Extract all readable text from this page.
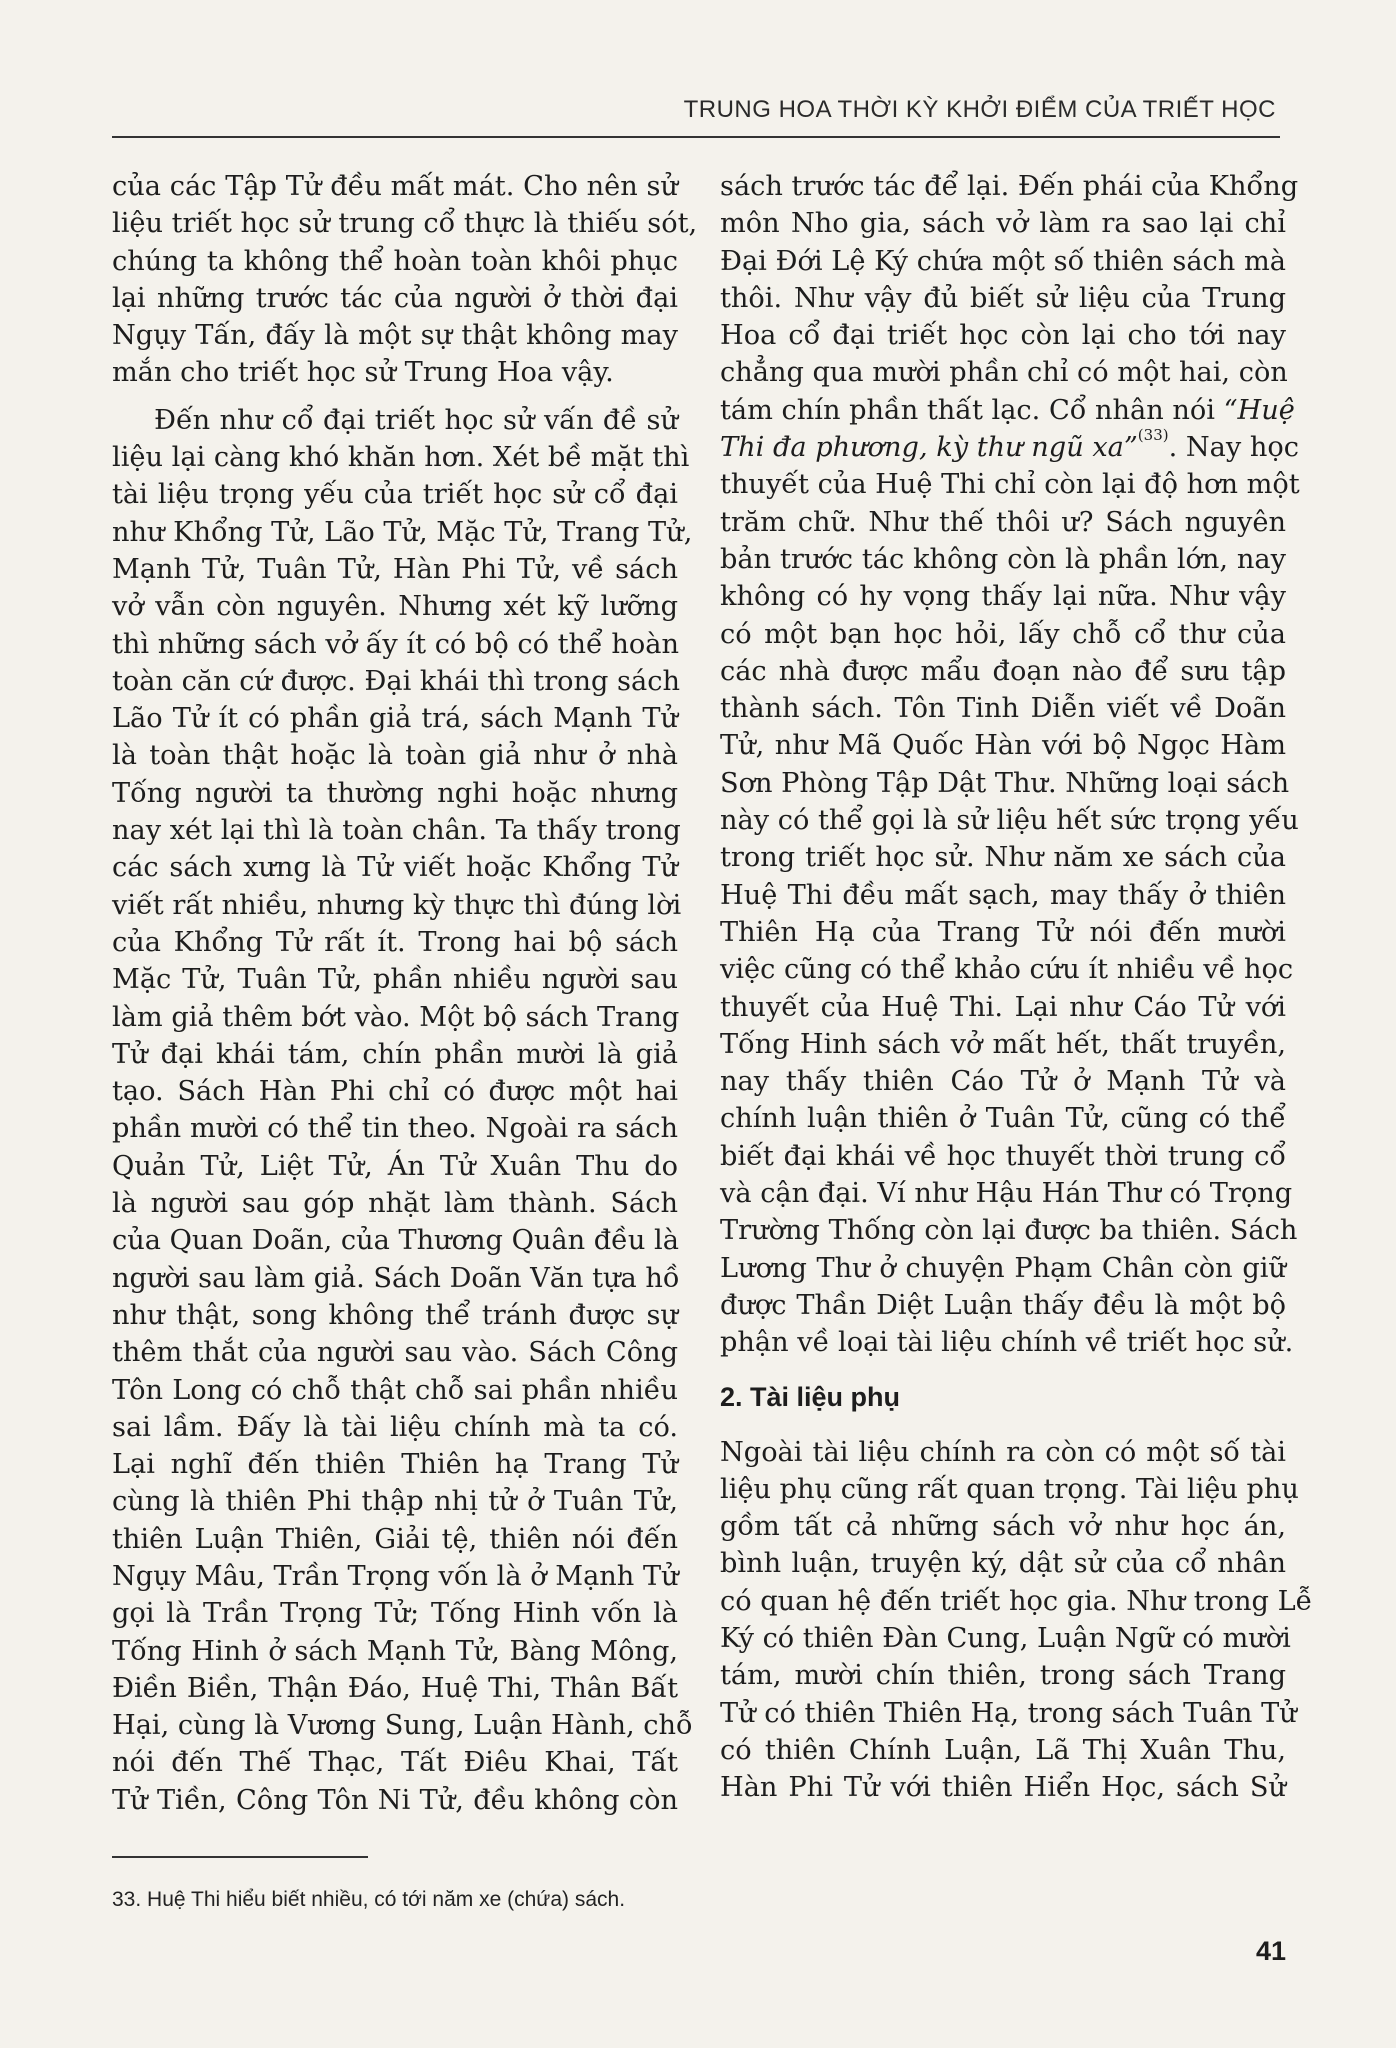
TRUNG HOA THỜI KỲ KHỞI ĐIỂM CỦA TRIẾT HỌC
của các Tập Tử đều mất mát. Cho nên sử
liệu triết học sử trung cổ thực là thiếu sót,
chúng ta không thể hoàn toàn khôi phục
lại những trước tác của người ở thời đại
Ngụy Tấn, đấy là một sự thật không may
mắn cho triết học sử Trung Hoa vậy.
Đến như cổ đại triết học sử vấn đề sử
liệu lại càng khó khăn hơn. Xét bề mặt thì
tài liệu trọng yếu của triết học sử cổ đại
như Khổng Tử, Lão Tử, Mặc Tử, Trang Tử,
Mạnh Tử, Tuân Tử, Hàn Phi Tử, về sách
vở vẫn còn nguyên. Nhưng xét kỹ lưỡng
thì những sách vở ấy ít có bộ có thể hoàn
toàn căn cứ được. Đại khái thì trong sách
Lão Tử ít có phần giả trá, sách Mạnh Tử
là toàn thật hoặc là toàn giả như ở nhà
Tống người ta thường nghi hoặc nhưng
nay xét lại thì là toàn chân. Ta thấy trong
các sách xưng là Tử viết hoặc Khổng Tử
viết rất nhiều, nhưng kỳ thực thì đúng lời
của Khổng Tử rất ít. Trong hai bộ sách
Mặc Tử, Tuân Tử, phần nhiều người sau
làm giả thêm bớt vào. Một bộ sách Trang
Tử đại khái tám, chín phần mười là giả
tạo. Sách Hàn Phi chỉ có được một hai
phần mười có thể tin theo. Ngoài ra sách
Quản Tử, Liệt Tử, Án Tử Xuân Thu do
là người sau góp nhặt làm thành. Sách
của Quan Doãn, của Thương Quân đều là
người sau làm giả. Sách Doãn Văn tựa hồ
như thật, song không thể tránh được sự
thêm thắt của người sau vào. Sách Công
Tôn Long có chỗ thật chỗ sai phần nhiều
sai lầm. Đấy là tài liệu chính mà ta có.
Lại nghĩ đến thiên Thiên hạ Trang Tử
cùng là thiên Phi thập nhị tử ở Tuân Tử,
thiên Luận Thiên, Giải tệ, thiên nói đến
Ngụy Mâu, Trần Trọng vốn là ở Mạnh Tử
gọi là Trần Trọng Tử; Tống Hinh vốn là
Tống Hinh ở sách Mạnh Tử, Bàng Mông,
Điền Biền, Thận Đáo, Huệ Thi, Thân Bất
Hại, cùng là Vương Sung, Luận Hành, chỗ
nói đến Thế Thạc, Tất Điêu Khai, Tất
Tử Tiền, Công Tôn Ni Tử, đều không còn
sách trước tác để lại. Đến phái của Khổng
môn Nho gia, sách vở làm ra sao lại chỉ
Đại Đới Lệ Ký chứa một số thiên sách mà
thôi. Như vậy đủ biết sử liệu của Trung
Hoa cổ đại triết học còn lại cho tới nay
chẳng qua mười phần chỉ có một hai, còn
tám chín phần thất lạc. Cổ nhân nói “Huệ
Thi đa phương, kỳ thư ngũ xa”$^{(33)}$. Nay học
thuyết của Huệ Thi chỉ còn lại độ hơn một
trăm chữ. Như thế thôi ư? Sách nguyên
bản trước tác không còn là phần lớn, nay
không có hy vọng thấy lại nữa. Như vậy
có một bạn học hỏi, lấy chỗ cổ thư của
các nhà được mẩu đoạn nào để sưu tập
thành sách. Tôn Tinh Diễn viết về Doãn
Tử, như Mã Quốc Hàn với bộ Ngọc Hàm
Sơn Phòng Tập Dật Thư. Những loại sách
này có thể gọi là sử liệu hết sức trọng yếu
trong triết học sử. Như năm xe sách của
Huệ Thi đều mất sạch, may thấy ở thiên
Thiên Hạ của Trang Tử nói đến mười
việc cũng có thể khảo cứu ít nhiều về học
thuyết của Huệ Thi. Lại như Cáo Tử với
Tống Hinh sách vở mất hết, thất truyền,
nay thấy thiên Cáo Tử ở Mạnh Tử và
chính luận thiên ở Tuân Tử, cũng có thể
biết đại khái về học thuyết thời trung cổ
và cận đại. Ví như Hậu Hán Thư có Trọng
Trường Thống còn lại được ba thiên. Sách
Lương Thư ở chuyện Phạm Chân còn giữ
được Thần Diệt Luận thấy đều là một bộ
phận về loại tài liệu chính về triết học sử.
2. Tài liệu phụ
Ngoài tài liệu chính ra còn có một số tài
liệu phụ cũng rất quan trọng. Tài liệu phụ
gồm tất cả những sách vở như học án,
bình luận, truyện ký, dật sử của cổ nhân
có quan hệ đến triết học gia. Như trong Lễ
Ký có thiên Đàn Cung, Luận Ngữ có mười
tám, mười chín thiên, trong sách Trang
Tử có thiên Thiên Hạ, trong sách Tuân Tử
có thiên Chính Luận, Lã Thị Xuân Thu,
Hàn Phi Tử với thiên Hiển Học, sách Sử
33. Huệ Thi hiểu biết nhiều, có tới năm xe (chứa) sách.
41
